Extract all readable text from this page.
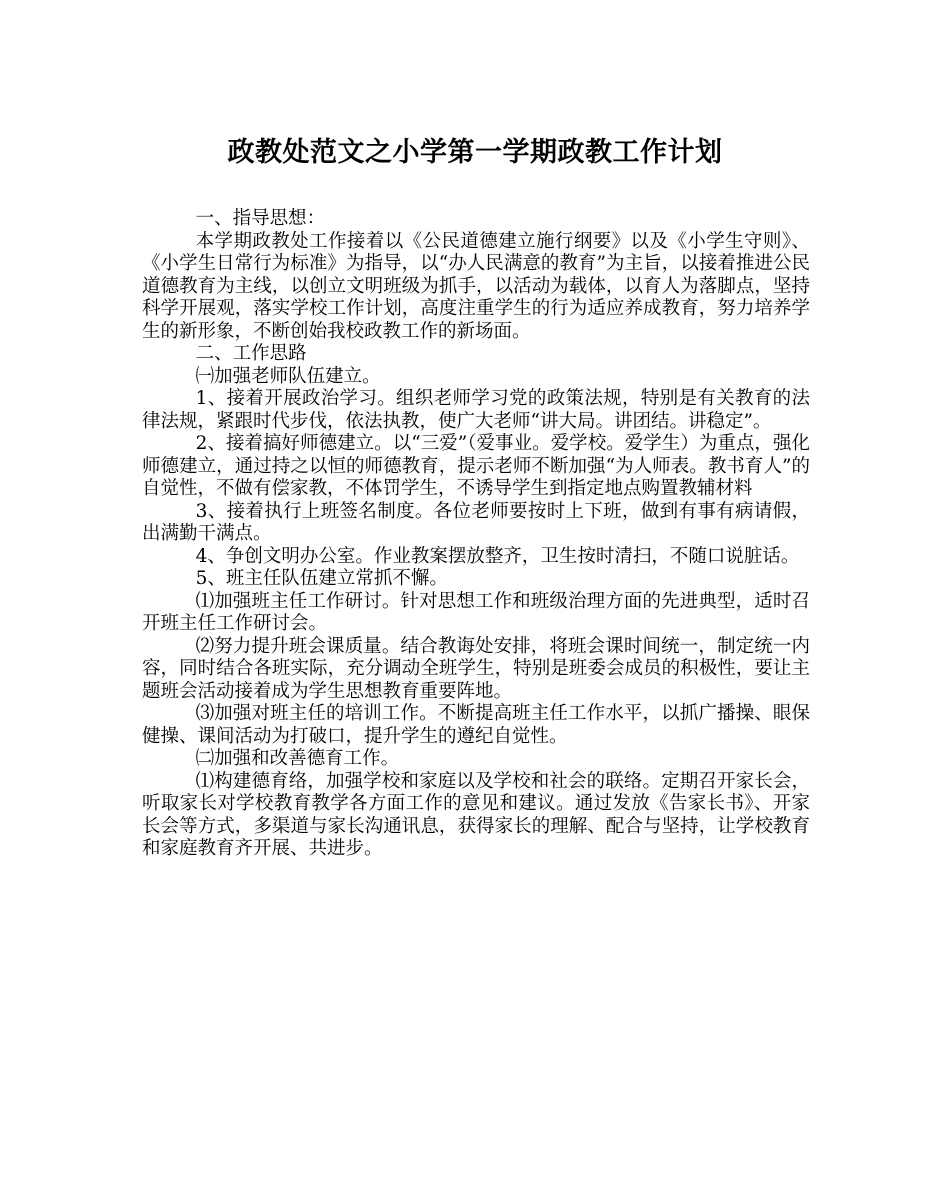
政教处范文之小学第一学期政教工作计划

一、指导思想：

本学期政教处工作接着以《公民道德建立施行纲要》以及《小学生守则》、《小学生日常行为标准》为指导，以“办人民满意的教育”为主旨，以接着推进公民道德教育为主线，以创立文明班级为抓手，以活动为载体，以育人为落脚点，坚持科学开展观，落实学校工作计划，高度注重学生的行为适应养成教育，努力培养学生的新形象，不断创始我校政教工作的新场面。

二、工作思路

㈠加强老师队伍建立。

1、接着开展政治学习。组织老师学习党的政策法规，特别是有关教育的法律法规，紧跟时代步伐，依法执教，使广大老师“讲大局。讲团结。讲稳定”。

2、接着搞好师德建立。以“三爱”（爱事业。爱学校。爱学生）为重点，强化师德建立，通过持之以恒的师德教育，提示老师不断加强“为人师表。教书育人”的自觉性，不做有偿家教，不体罚学生，不诱导学生到指定地点购置教辅材料

3、接着执行上班签名制度。各位老师要按时上下班，做到有事有病请假，出满勤干满点。

4、争创文明办公室。作业教案摆放整齐，卫生按时清扫，不随口说脏话。

5、班主任队伍建立常抓不懈。

⑴加强班主任工作研讨。针对思想工作和班级治理方面的先进典型，适时召开班主任工作研讨会。

⑵努力提升班会课质量。结合教诲处安排，将班会课时间统一，制定统一内容，同时结合各班实际，充分调动全班学生，特别是班委会成员的积极性，要让主题班会活动接着成为学生思想教育重要阵地。

⑶加强对班主任的培训工作。不断提高班主任工作水平，以抓广播操、眼保健操、课间活动为打破口，提升学生的遵纪自觉性。

㈡加强和改善德育工作。

⑴构建德育络，加强学校和家庭以及学校和社会的联络。定期召开家长会，听取家长对学校教育教学各方面工作的意见和建议。通过发放《告家长书》、开家长会等方式，多渠道与家长沟通讯息，获得家长的理解、配合与坚持，让学校教育和家庭教育齐开展、共进步。
